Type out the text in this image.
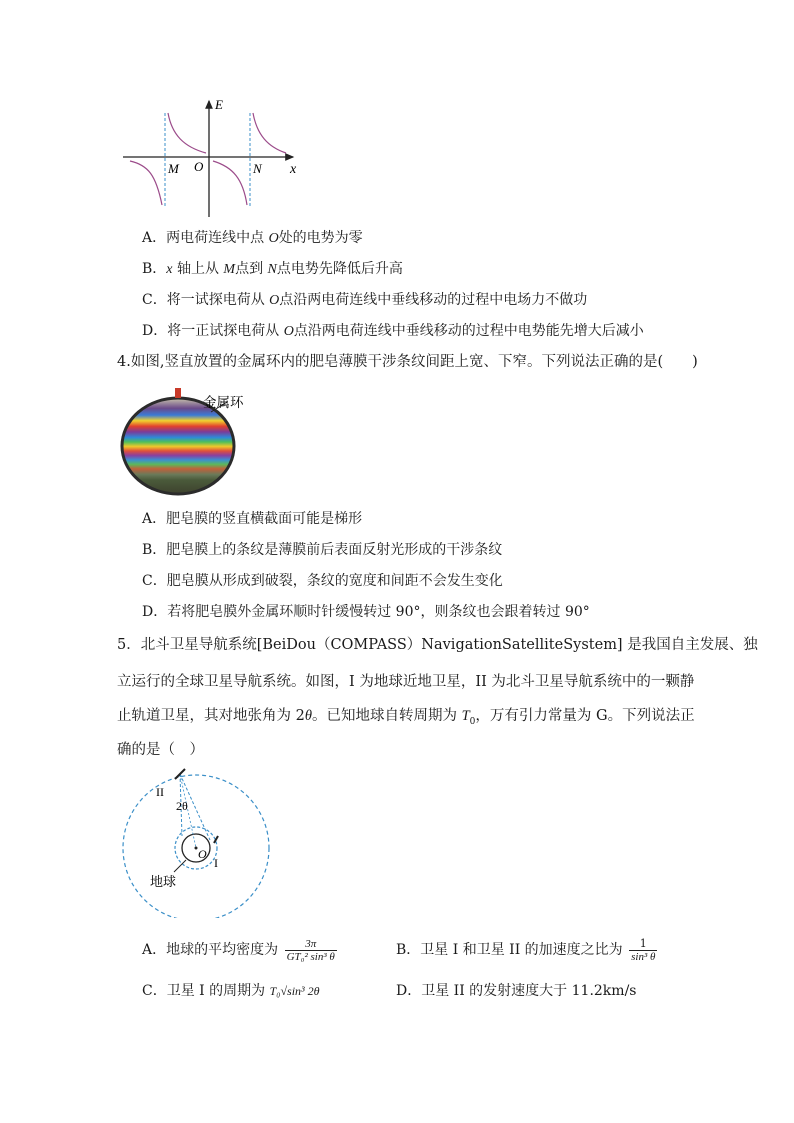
E
x
M O	N
A．两电荷连线中点 O处的电势为零
B．x 轴上从 M点到 N点电势先降低后升高
C．将一试探电荷从 O点沿两电荷连线中垂线移动的过程中电场力不做功
D．将一正试探电荷从 O点沿两电荷连线中垂线移动的过程中电势能先增大后减小
4.如图,竖直放置的金属环内的肥皂薄膜干涉条纹间距上宽、下窄。下列说法正确的是(　　)
金属环
A．肥皂膜的竖直横截面可能是梯形
B．肥皂膜上的条纹是薄膜前后表面反射光形成的干涉条纹
C．肥皂膜从形成到破裂，条纹的宽度和间距不会发生变化
D．若将肥皂膜外金属环顺时针缓慢转过 90°，则条纹也会跟着转过 90°
5．北斗卫星导航系统[BeiDou（COMPASS）NavigationSatelliteSystem] 是我国自主发展、独
立运行的全球卫星导航系统。如图，I 为地球近地卫星，II 为北斗卫星导航系统中的一颗静
止轨道卫星，其对地张角为 2θ。已知地球自转周期为 $T_0$，万有引力常量为 G。下列说法正
确的是（　）
II
2θ
O
I
地球
A．地球的平均密度为 $\frac{3\pi}{\text{GT₀² sin³ θ}}$	B．卫星 I 和卫星 II 的加速度之比为 $\frac{1}{\text{sin³ θ}}$
C．卫星 I 的周期为 T₀√sin³ 2θ	D．卫星 II 的发射速度大于 11.2km/s
